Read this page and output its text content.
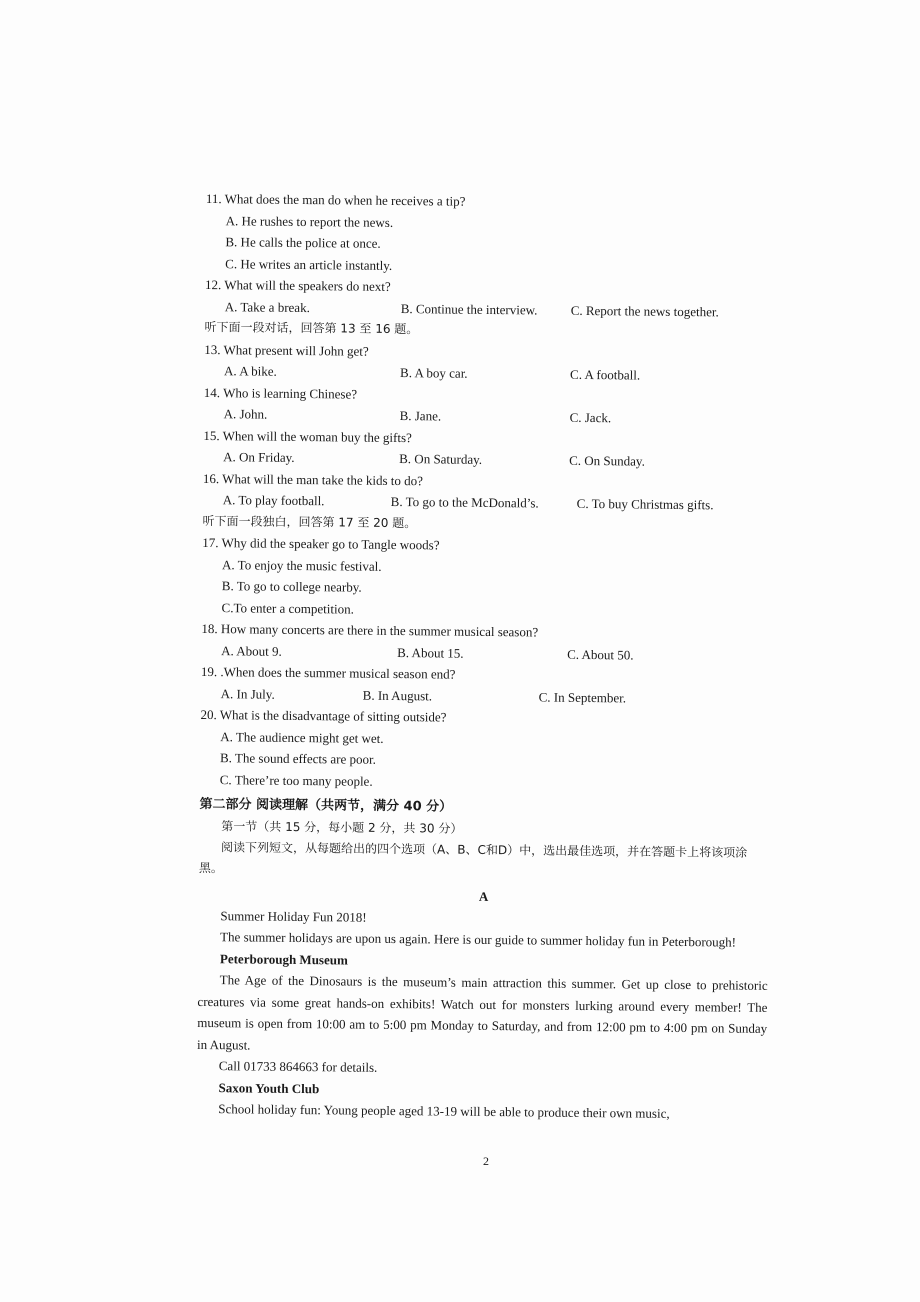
11. What does the man do when he receives a tip?
A. He rushes to report the news.
B. He calls the police at once.
C. He writes an article instantly.
12. What will the speakers do next?
A. Take a break.	B. Continue the interview.	C. Report the news together.
听下面一段对话，回答第 13 至 16 题。
13. What present will John get?
A. A bike.	B. A boy car.	C. A football.
14. Who is learning Chinese?
A. John.	B. Jane.	C. Jack.
15. When will the woman buy the gifts?
A. On Friday.	B. On Saturday.	C. On Sunday.
16. What will the man take the kids to do?
A. To play football.	B. To go to the McDonald’s.	C. To buy Christmas gifts.
听下面一段独白，回答第 17 至 20 题。
17. Why did the speaker go to Tangle woods?
A. To enjoy the music festival.
B. To go to college nearby.
C.To enter a competition.
18. How many concerts are there in the summer musical season?
A. About 9.	B. About 15.	C. About 50.
19. .When does the summer musical season end?
A. In July.	B. In August.	C. In September.
20. What is the disadvantage of sitting outside?
A. The audience might get wet.
B. The sound effects are poor.
C. There’re too many people.
第二部分 阅读理解（共两节，满分 40 分）
第一节（共 15 分，每小题 2 分，共 30 分）
阅读下列短文，从每题给出的四个选项（A、B、C和D）中，选出最佳选项，并在答题卡上将该项涂黑。
A
Summer Holiday Fun 2018!

The summer holidays are upon us again. Here is our guide to summer holiday fun in Peterborough!

Peterborough Museum

The Age of the Dinosaurs is the museum’s main attraction this summer. Get up close to prehistoric creatures via some great hands-on exhibits! Watch out for monsters lurking around every member! The museum is open from 10:00 am to 5:00 pm Monday to Saturday, and from 12:00 pm to 4:00 pm on Sunday in August.

Call 01733 864663 for details.
Saxon Youth Club

School holiday fun: Young people aged 13-19 will be able to produce their own music,

2
